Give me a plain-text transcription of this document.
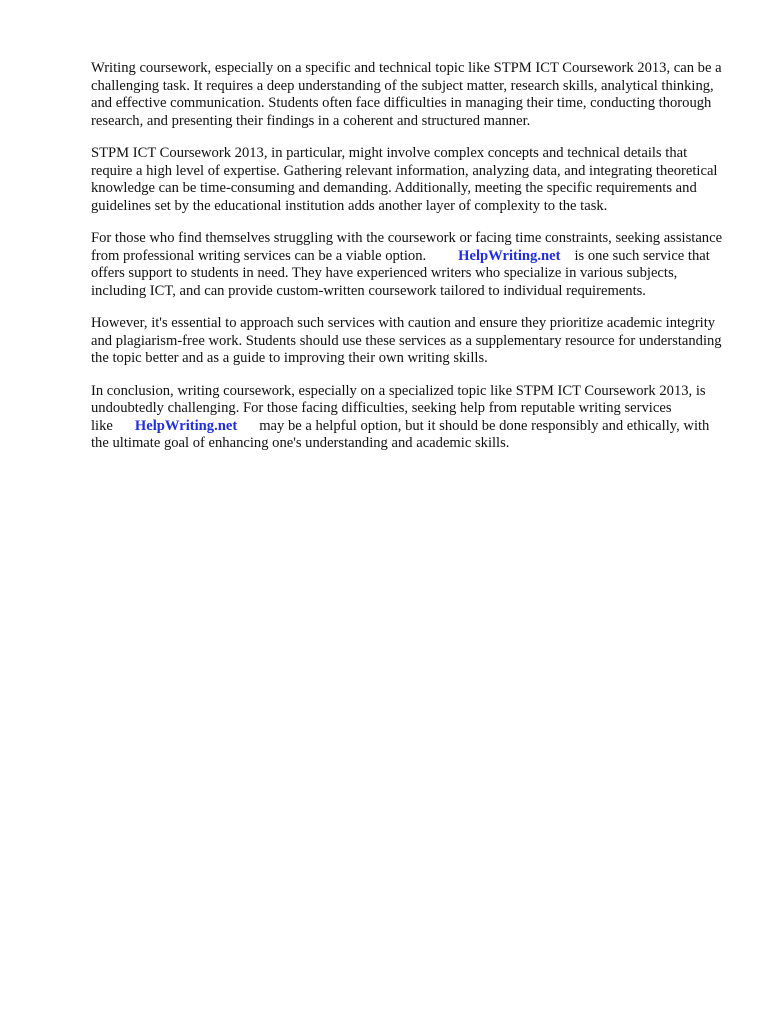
Writing coursework, especially on a specific and technical topic like STPM ICT Coursework 2013, can be a challenging task. It requires a deep understanding of the subject matter, research skills, analytical thinking, and effective communication. Students often face difficulties in managing their time, conducting thorough research, and presenting their findings in a coherent and structured manner.

STPM ICT Coursework 2013, in particular, might involve complex concepts and technical details that require a high level of expertise. Gathering relevant information, analyzing data, and integrating theoretical knowledge can be time-consuming and demanding. Additionally, meeting the specific requirements and guidelines set by the educational institution adds another layer of complexity to the task.

For those who find themselves struggling with the coursework or facing time constraints, seeking assistance from professional writing services can be a viable option. HelpWriting.net is one such service that offers support to students in need. They have experienced writers who specialize in various subjects, including ICT, and can provide custom-written coursework tailored to individual requirements.

However, it's essential to approach such services with caution and ensure they prioritize academic integrity and plagiarism-free work. Students should use these services as a supplementary resource for understanding the topic better and as a guide to improving their own writing skills.

In conclusion, writing coursework, especially on a specialized topic like STPM ICT Coursework 2013, is undoubtedly challenging. For those facing difficulties, seeking help from reputable writing services like HelpWriting.net may be a helpful option, but it should be done responsibly and ethically, with the ultimate goal of enhancing one's understanding and academic skills.
